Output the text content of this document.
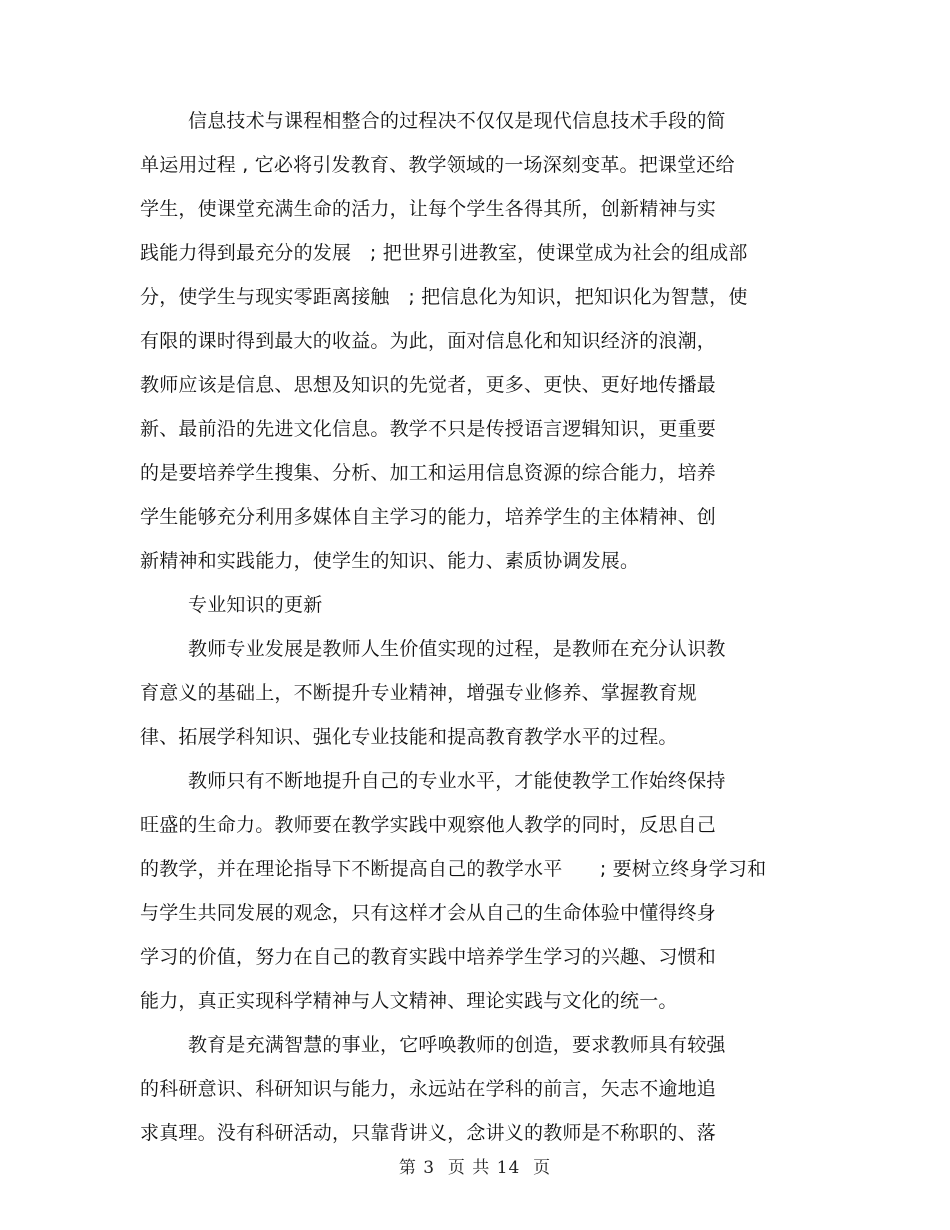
信息技术与课程相整合的过程决不仅仅是现代信息技术手段的简
单运用过程 , 它必将引发教育、教学领域的一场深刻变革。把课堂还给
学生，使课堂充满生命的活力，让每个学生各得其所，创新精神与实
践能力得到最充分的发展   ; 把世界引进教室，使课堂成为社会的组成部
分，使学生与现实零距离接触   ; 把信息化为知识，把知识化为智慧，使
有限的课时得到最大的收益。为此，面对信息化和知识经济的浪潮，
教师应该是信息、思想及知识的先觉者，更多、更快、更好地传播最
新、最前沿的先进文化信息。教学不只是传授语言逻辑知识，更重要
的是要培养学生搜集、分析、加工和运用信息资源的综合能力，培养
学生能够充分利用多媒体自主学习的能力，培养学生的主体精神、创
新精神和实践能力，使学生的知识、能力、素质协调发展。
专业知识的更新
教师专业发展是教师人生价值实现的过程，是教师在充分认识教
育意义的基础上，不断提升专业精神，增强专业修养、掌握教育规
律、拓展学科知识、强化专业技能和提高教育教学水平的过程。
教师只有不断地提升自己的专业水平，才能使教学工作始终保持
旺盛的生命力。教师要在教学实践中观察他人教学的同时，反思自己
的教学，并在理论指导下不断提高自己的教学水平      ; 要树立终身学习和
与学生共同发展的观念，只有这样才会从自己的生命体验中懂得终身
学习的价值，努力在自己的教育实践中培养学生学习的兴趣、习惯和
能力，真正实现科学精神与人文精神、理论实践与文化的统一。
教育是充满智慧的事业，它呼唤教师的创造，要求教师具有较强
的科研意识、科研知识与能力，永远站在学科的前言，矢志不逾地追
求真理。没有科研活动，只靠背讲义，念讲义的教师是不称职的、落
第 3  页 共 14  页
